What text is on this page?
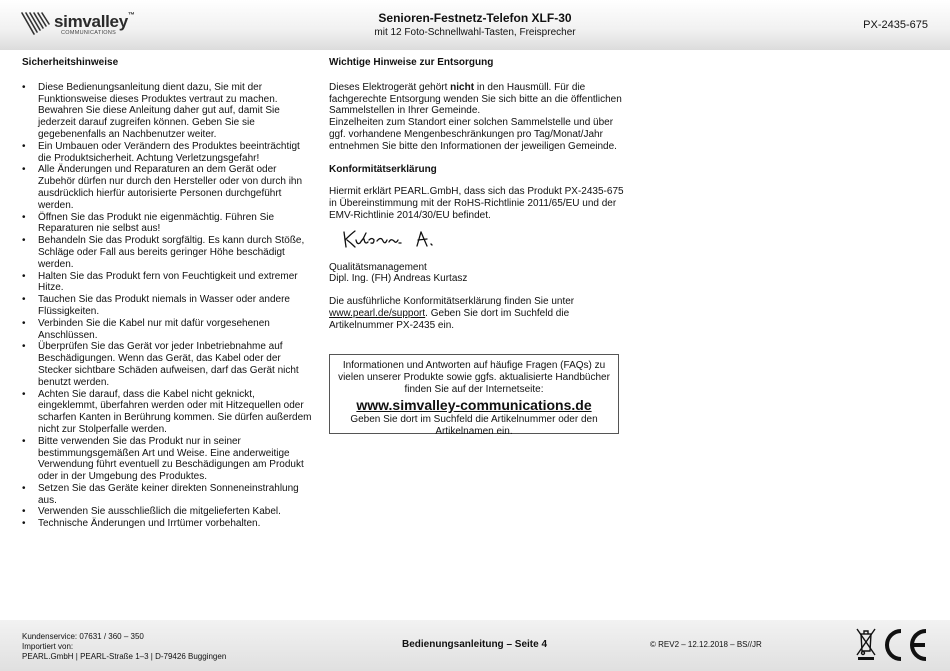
simvalley™
COMMUNICATIONS
Senioren-Festnetz-Telefon XLF-30
mit 12 Foto-Schnellwahl-Tasten, Freisprecher
PX-2435-675
Sicherheitshinweise
• Diese Bedienungsanleitung dient dazu, Sie mit der Funktionsweise dieses Produktes vertraut zu machen. Bewahren Sie diese Anleitung daher gut auf, damit Sie jederzeit darauf zugreifen können. Geben Sie sie gegebenenfalls an Nachbenutzer weiter.
• Ein Umbauen oder Verändern des Produktes beeinträchtigt die Produktsicherheit. Achtung Verletzungsgefahr!
• Alle Änderungen und Reparaturen an dem Gerät oder Zubehör dürfen nur durch den Hersteller oder von durch ihn ausdrücklich hierfür autorisierte Personen durchgeführt werden.
• Öffnen Sie das Produkt nie eigenmächtig. Führen Sie Reparaturen nie selbst aus!
• Behandeln Sie das Produkt sorgfältig. Es kann durch Stöße, Schläge oder Fall aus bereits geringer Höhe beschädigt werden.
• Halten Sie das Produkt fern von Feuchtigkeit und extremer Hitze.
• Tauchen Sie das Produkt niemals in Wasser oder andere Flüssigkeiten.
• Verbinden Sie die Kabel nur mit dafür vorgesehenen Anschlüssen.
• Überprüfen Sie das Gerät vor jeder Inbetriebnahme auf Beschädigungen. Wenn das Gerät, das Kabel oder der Stecker sichtbare Schäden aufweisen, darf das Gerät nicht benutzt werden.
• Achten Sie darauf, dass die Kabel nicht geknickt, eingeklemmt, überfahren werden oder mit Hitzequellen oder scharfen Kanten in Berührung kommen. Sie dürfen außerdem nicht zur Stolperfalle werden.
• Bitte verwenden Sie das Produkt nur in seiner bestimmungsgemäßen Art und Weise. Eine anderweitige Verwendung führt eventuell zu Beschädigungen am Produkt oder in der Umgebung des Produktes.
• Setzen Sie das Geräte keiner direkten Sonneneinstrahlung aus.
• Verwenden Sie ausschließlich die mitgelieferten Kabel.
• Technische Änderungen und Irrtümer vorbehalten.
Wichtige Hinweise zur Entsorgung

Dieses Elektrogerät gehört nicht in den Hausmüll. Für die fachgerechte Entsorgung wenden Sie sich bitte an die öffentlichen Sammelstellen in Ihrer Gemeinde.

Einzelheiten zum Standort einer solchen Sammelstelle und über ggf. vorhandene Mengenbeschränkungen pro Tag/Monat/Jahr entnehmen Sie bitte den Informationen der jeweiligen Gemeinde.

Konformitätserklärung

Hiermit erklärt PEARL.GmbH, dass sich das Produkt PX-2435-675 in Übereinstimmung mit der RoHS-Richtlinie 2011/65/EU und der EMV-Richtlinie 2014/30/EU befindet.

Qualitätsmanagement

Dipl. Ing. (FH) Andreas Kurtasz

Die ausführliche Konformitätserklärung finden Sie unter www.pearl.de/support. Geben Sie dort im Suchfeld die Artikelnummer PX-2435 ein.

Informationen und Antworten auf häufige Fragen (FAQs) zu vielen unserer Produkte sowie ggfs. aktualisierte Handbücher finden Sie auf der Internetseite:

www.simvalley-communications.de

Geben Sie dort im Suchfeld die Artikelnummer oder den Artikelnamen ein.

Kundenservice: 07631 / 360 – 350
Importiert von:
PEARL.GmbH | PEARL-Straße 1–3 | D-79426 Buggingen
Bedienungsanleitung – Seite 4	© REV2 – 12.12.2018 – BS//JR
